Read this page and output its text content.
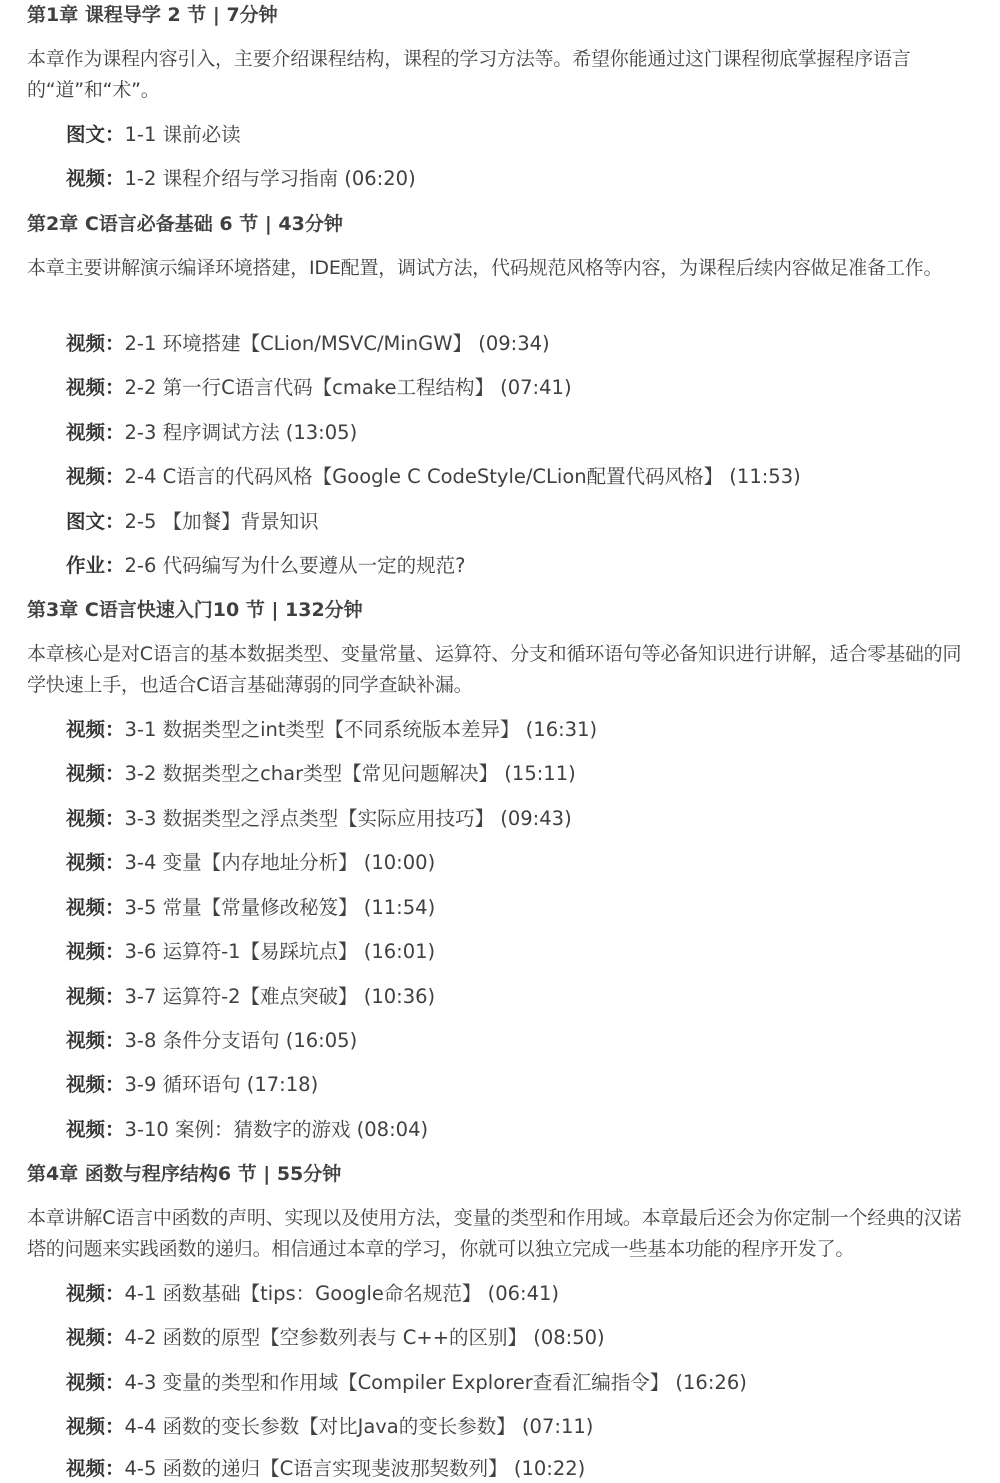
第1章 课程导学 2 节 | 7分钟
本章作为课程内容引入，主要介绍课程结构，课程的学习方法等。希望你能通过这门课程彻底掌握程序语言的“道”和“术”。
图文：1-1 课前必读
视频：1-2 课程介绍与学习指南 (06:20)
第2章 C语言必备基础 6 节 | 43分钟
本章主要讲解演示编译环境搭建，IDE配置，调试方法，代码规范风格等内容，为课程后续内容做足准备工作。
视频：2-1 环境搭建【CLion/MSVC/MinGW】 (09:34)
视频：2-2 第一行C语言代码【cmake工程结构】 (07:41)
视频：2-3 程序调试方法 (13:05)
视频：2-4 C语言的代码风格【Google C CodeStyle/CLion配置代码风格】 (11:53)
图文：2-5 【加餐】背景知识
作业：2-6 代码编写为什么要遵从一定的规范?
第3章 C语言快速入门10 节 | 132分钟
本章核心是对C语言的基本数据类型、变量常量、运算符、分支和循环语句等必备知识进行讲解，适合零基础的同学快速上手，也适合C语言基础薄弱的同学查缺补漏。
视频：3-1 数据类型之int类型【不同系统版本差异】 (16:31)
视频：3-2 数据类型之char类型【常见问题解决】 (15:11)
视频：3-3 数据类型之浮点类型【实际应用技巧】 (09:43)
视频：3-4 变量【内存地址分析】 (10:00)
视频：3-5 常量【常量修改秘笈】 (11:54)
视频：3-6 运算符-1【易踩坑点】 (16:01)
视频：3-7 运算符-2【难点突破】 (10:36)
视频：3-8 条件分支语句 (16:05)
视频：3-9 循环语句 (17:18)
视频：3-10 案例：猜数字的游戏 (08:04)
第4章 函数与程序结构6 节 | 55分钟
本章讲解C语言中函数的声明、实现以及使用方法，变量的类型和作用域。本章最后还会为你定制一个经典的汉诺塔的问题来实践函数的递归。相信通过本章的学习，你就可以独立完成一些基本功能的程序开发了。
视频：4-1 函数基础【tips：Google命名规范】 (06:41)
视频：4-2 函数的原型【空参数列表与 C++的区别】 (08:50)
视频：4-3 变量的类型和作用域【Compiler Explorer查看汇编指令】 (16:26)
视频：4-4 函数的变长参数【对比Java的变长参数】 (07:11)
视频：4-5 函数的递归【C语言实现斐波那契数列】 (10:22)
